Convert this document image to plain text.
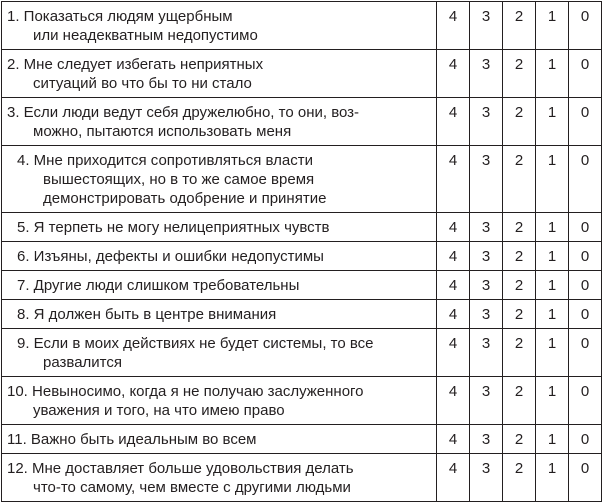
1. Показаться людям ущербным
или неадекватным недопустимо	4	3	2	1	0

2. Мне следует избегать неприятных
ситуаций во что бы то ни стало	4	3	2	1	0

3. Если люди ведут себя дружелюбно, то они, воз-
можно, пытаются использовать меня	4	3	2	1	0

4. Мне приходится сопротивляться власти
вышестоящих, но в то же самое время
демонстрировать одобрение и принятие	4	3	2	1	0

5. Я терпеть не могу нелицеприятных чувств	4	3	2	1	0

6. Изъяны, дефекты и ошибки недопустимы	4	3	2	1	0

7. Другие люди слишком требовательны	4	3	2	1	0

8. Я должен быть в центре внимания	4	3	2	1	0

9. Если в моих действиях не будет системы, то все
развалится	4	3	2	1	0

10. Невыносимо, когда я не получаю заслуженного
уважения и того, на что имею право	4	3	2	1	0

11. Важно быть идеальным во всем	4	3	2	1	0

12. Мне доставляет больше удовольствия делать
что-то самому, чем вместе с другими людьми	4	3	2	1	0
